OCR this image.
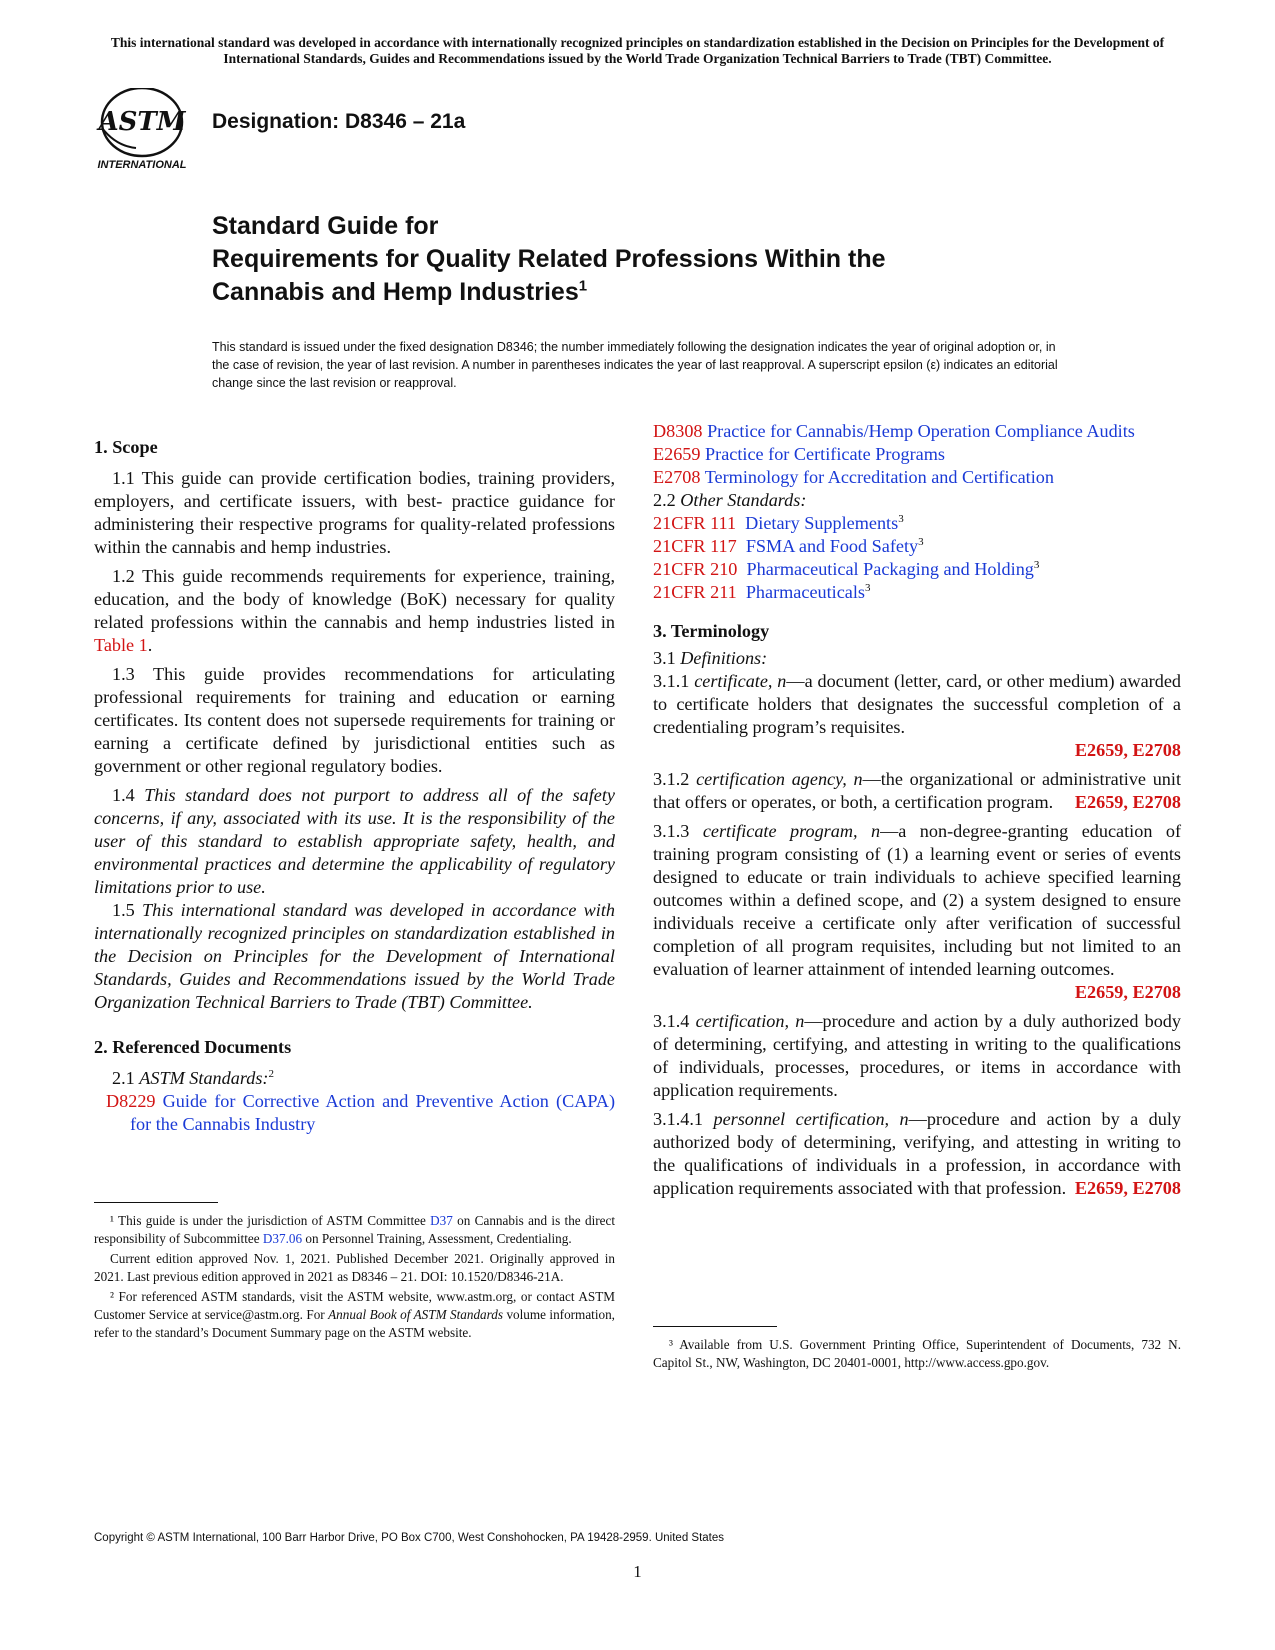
This international standard was developed in accordance with internationally recognized principles on standardization established in the Decision on Principles for the Development of International Standards, Guides and Recommendations issued by the World Trade Organization Technical Barriers to Trade (TBT) Committee.
ASTM
INTERNATIONAL
Designation: D8346 – 21a
Standard Guide for
Requirements for Quality Related Professions Within the
Cannabis and Hemp Industries$^1$
This standard is issued under the fixed designation D8346; the number immediately following the designation indicates the year of original adoption or, in the case of revision, the year of last revision. A number in parentheses indicates the year of last reapproval. A superscript epsilon (ε) indicates an editorial change since the last revision or reapproval.
1. Scope

1.1 This guide can provide certification bodies, training providers, employers, and certificate issuers, with best- practice guidance for administering their respective programs for quality-related professions within the cannabis and hemp industries.

1.2 This guide recommends requirements for experience, training, education, and the body of knowledge (BoK) necessary for quality related professions within the cannabis and hemp industries listed in Table 1.

1.3 This guide provides recommendations for articulating professional requirements for training and education or earning certificates. Its content does not supersede requirements for training or earning a certificate defined by jurisdictional entities such as government or other regional regulatory bodies.

1.4 This standard does not purport to address all of the safety concerns, if any, associated with its use. It is the responsibility of the user of this standard to establish appropriate safety, health, and environmental practices and determine the applicability of regulatory limitations prior to use.

1.5 This international standard was developed in accordance with internationally recognized principles on standardization established in the Decision on Principles for the Development of International Standards, Guides and Recommendations issued by the World Trade Organization Technical Barriers to Trade (TBT) Committee.

2. Referenced Documents

2.1 ASTM Standards:$^2$

D8229 Guide for Corrective Action and Preventive Action (CAPA) for the Cannabis Industry

¹ This guide is under the jurisdiction of ASTM Committee D37 on Cannabis and is the direct responsibility of Subcommittee D37.06 on Personnel Training, Assessment, Credentialing.

Current edition approved Nov. 1, 2021. Published December 2021. Originally approved in 2021. Last previous edition approved in 2021 as D8346 – 21. DOI: 10.1520/D8346-21A.

² For referenced ASTM standards, visit the ASTM website, www.astm.org, or contact ASTM Customer Service at service@astm.org. For Annual Book of ASTM Standards volume information, refer to the standard’s Document Summary page on the ASTM website.

D8308 Practice for Cannabis/Hemp Operation Compliance Audits

E2659 Practice for Certificate Programs

E2708 Terminology for Accreditation and Certification

2.2 Other Standards:

21CFR 111 Dietary Supplements$^3$

21CFR 117 FSMA and Food Safety$^3$

21CFR 210 Pharmaceutical Packaging and Holding$^3$

21CFR 211 Pharmaceuticals$^3$

3. Terminology

3.1 Definitions:

3.1.1 certificate, n—a document (letter, card, or other medium) awarded to certificate holders that designates the successful completion of a credentialing program’s requisites.

E2659, E2708

3.1.2 certification agency, n—the organizational or administrative unit that offers or operates, or both, a certification program.	E2659, E2708

3.1.3 certificate program, n—a non-degree-granting education of training program consisting of (1) a learning event or series of events designed to educate or train individuals to achieve specified learning outcomes within a defined scope, and (2) a system designed to ensure individuals receive a certificate only after verification of successful completion of all program requisites, including but not limited to an evaluation of learner attainment of intended learning outcomes.

E2659, E2708

3.1.4 certification, n—procedure and action by a duly authorized body of determining, certifying, and attesting in writing to the qualifications of individuals, processes, procedures, or items in accordance with application requirements.

3.1.4.1 personnel certification, n—procedure and action by a duly authorized body of determining, verifying, and attesting in writing to the qualifications of individuals in a profession, in accordance with application requirements associated with that profession. E2659, E2708

³ Available from U.S. Government Printing Office, Superintendent of Documents, 732 N. Capitol St., NW, Washington, DC 20401-0001, http://www.access.gpo.gov.

Copyright © ASTM International, 100 Barr Harbor Drive, PO Box C700, West Conshohocken, PA 19428-2959. United States
1
